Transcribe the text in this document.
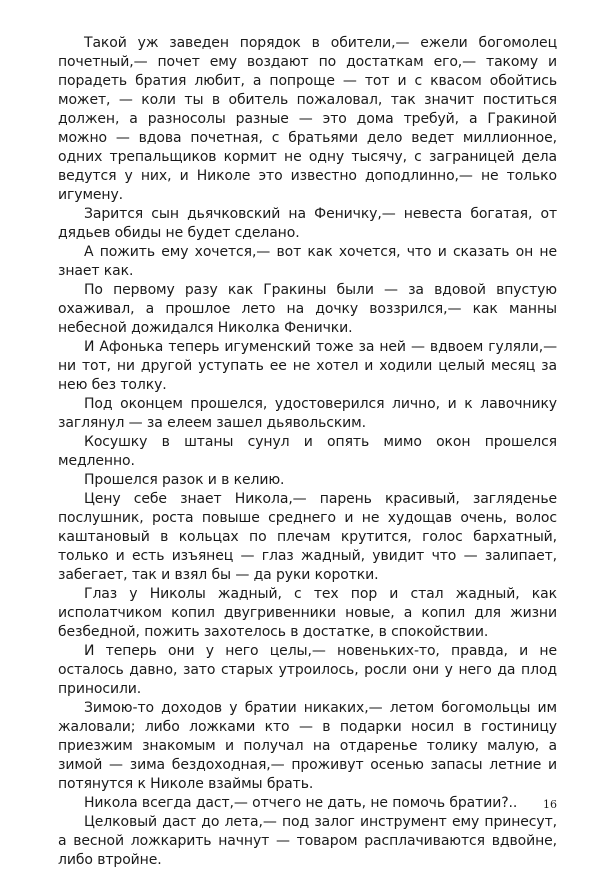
Такой уж заведен порядок в обители,— ежели богомолец почетный,— почет ему воздают по достаткам его,— такому и порадеть братия любит, а попроще — тот и с квасом обойтись может, — коли ты в обитель пожаловал, так значит поститься должен, а разносолы разные — это дома требуй, а Гракиной можно — вдова почетная, с братьями дело ведет миллионное, одних трепальщиков кормит не одну тысячу, с заграницей дела ведутся у них, и Николе это известно доподлинно,— не только игумену.

Зарится сын дьячковский на Феничку,— невеста богатая, от дядьев обиды не будет сделано.

А пожить ему хочется,— вот как хочется, что и сказать он не знает как.

По первому разу как Гракины были — за вдовой впустую охаживал, а прошлое лето на дочку воззрился,— как манны небесной дожидался Николка Фенички.

И Афонька теперь игуменский тоже за ней — вдвоем гуляли,— ни тот, ни другой уступать ее не хотел и ходили целый месяц за нею без толку.

Под оконцем прошелся, удостоверился лично, и к лавочнику заглянул — за елеем зашел дьявольским.

Косушку в штаны сунул и опять мимо окон прошелся медленно.

Прошелся разок и в келию.

Цену себе знает Никола,— парень красивый, загляденье послушник, роста повыше среднего и не худощав очень, волос каштановый в кольцах по плечам крутится, голос бархатный, только и есть изъянец — глаз жадный, увидит что — залипает, забегает, так и взял бы — да руки коротки.

Глаз у Николы жадный, с тех пор и стал жадный, как исполатчиком копил двугривенники новые, а копил для жизни безбедной, пожить захотелось в достатке, в спокойствии.

И теперь они у него целы,— новеньких-то, правда, и не осталось давно, зато старых утроилось, росли они у него да плод приносили.

Зимою-то доходов у братии никаких,— летом богомольцы им жаловали; либо ложками кто — в подарки носил в гостиницу приезжим знакомым и получал на отдаренье толику малую, а зимой — зима бездоходная,— проживут осенью запасы летние и потянутся к Николе взаймы брать.

Никола всегда даст,— отчего не дать, не помочь братии?..

Целковый даст до лета,— под залог инструмент ему принесут, а весной ложкарить начнут — товаром расплачиваются вдвойне, либо втройне.

16
